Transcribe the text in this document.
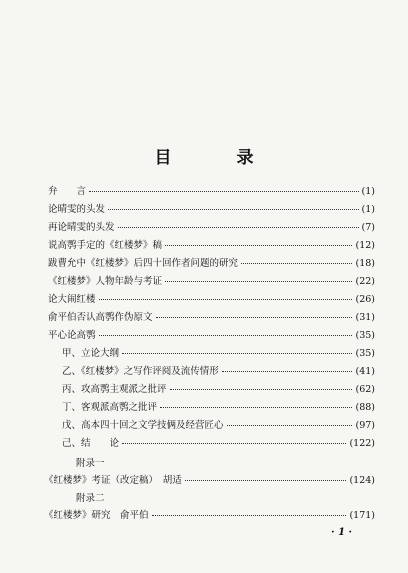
目　录
弁　　言	(1)
论晴雯的头发	(1)
再论晴雯的头发	(7)
说高鹗手定的《红楼梦》稿	(12)
跋曹允中《红楼梦》后四十回作者问题的研究	(18)
《红楼梦》人物年龄与考证	(22)
论大闹红楼	(26)
俞平伯否认高鹗作伪原文	(31)
平心论高鹗	(35)
甲、立论大纲	(35)
乙、《红楼梦》之写作评阅及流传情形	(41)
丙、攻高鹗主观派之批评	(62)
丁、客观派高鹗之批评	(88)
戊、高本四十回之文学技俩及经营匠心	(97)
己、结　　论	(122)
附录一
《红楼梦》考证（改定稿）　胡适	(124)
附录二
《红楼梦》研究　俞平伯	(171)
· 1 ·
